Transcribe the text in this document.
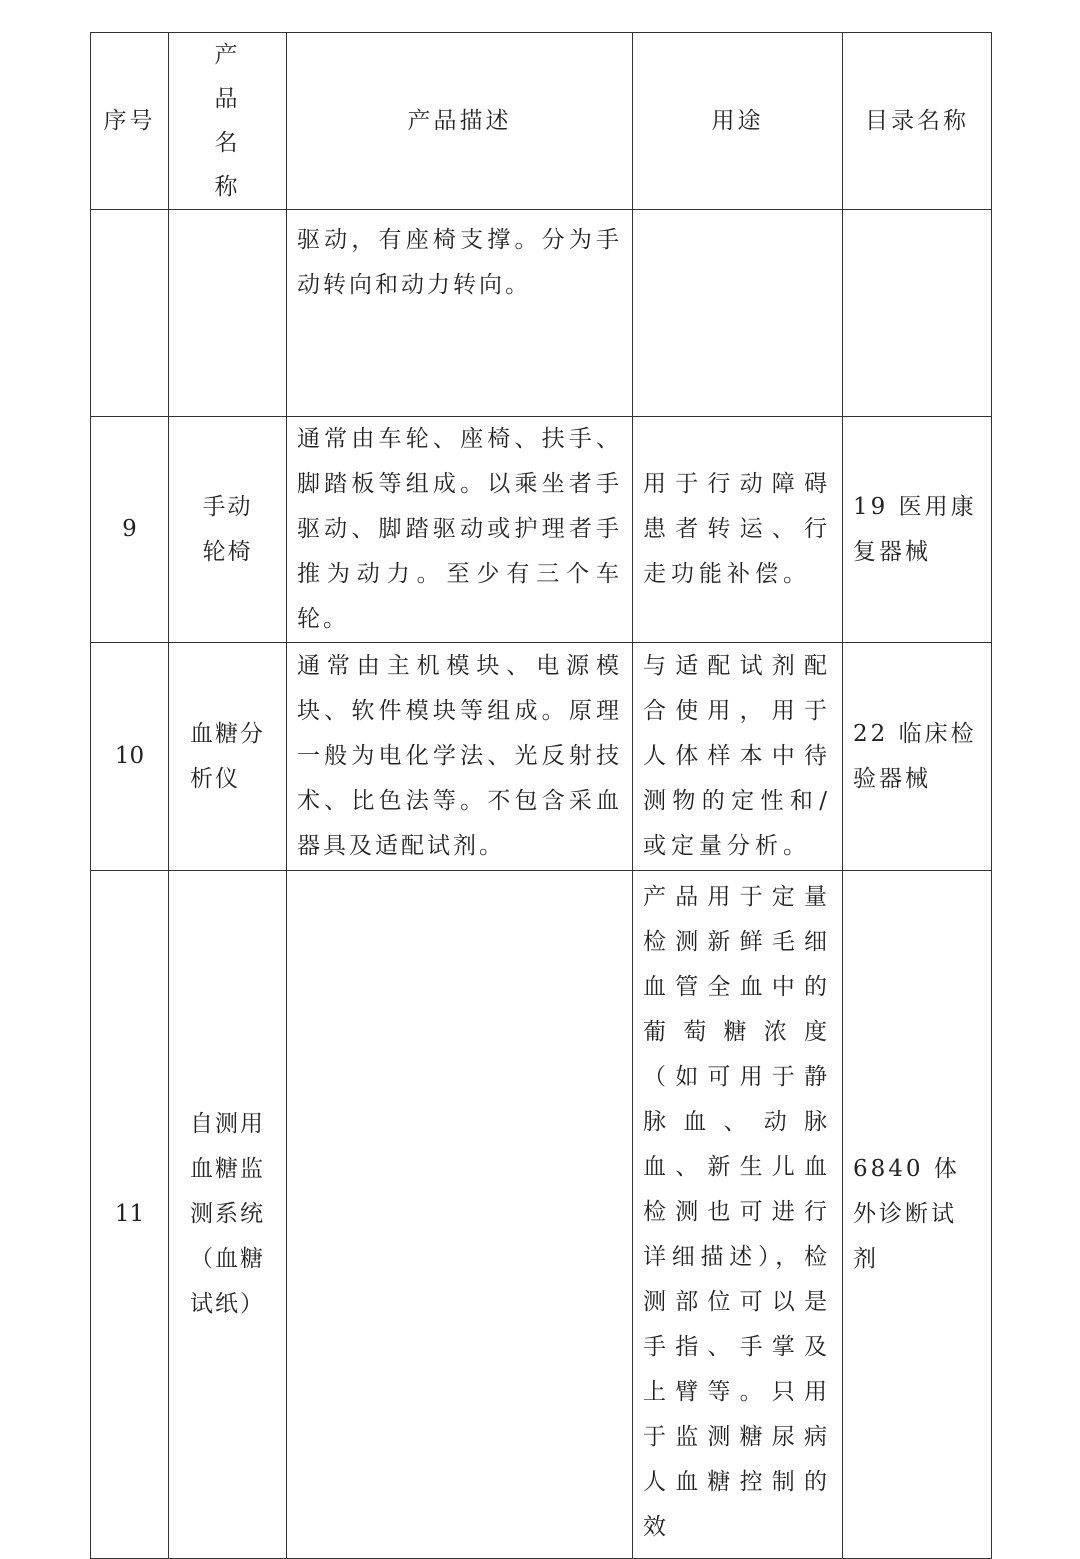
序号	产品名称	产品描述	用途	目录名称
		驱动，有座椅支撑。分为手动转向和动力转向。		
9	手动轮椅	通常由车轮、座椅、扶手、脚踏板等组成。以乘坐者手驱动、脚踏驱动或护理者手推为动力。至少有三个车轮。	用于行动障碍患者转运、行走功能补偿。	19 医用康复器械
10	血糖分析仪	通常由主机模块、电源模块、软件模块等组成。原理一般为电化学法、光反射技术、比色法等。不包含采血器具及适配试剂。	与适配试剂配合使用，用于人体样本中待测物的定性和/或定量分析。	22 临床检验器械
11	自测用血糖监测系统（血糖试纸）		产品用于定量检测新鲜毛细血管全血中的葡萄糖浓度（如可用于静脉血、动脉血、新生儿血检测也可进行详细描述），检测部位可以是手指、手掌及上臂等。只用于监测糖尿病人血糖控制的效	6840 体外诊断试剂
